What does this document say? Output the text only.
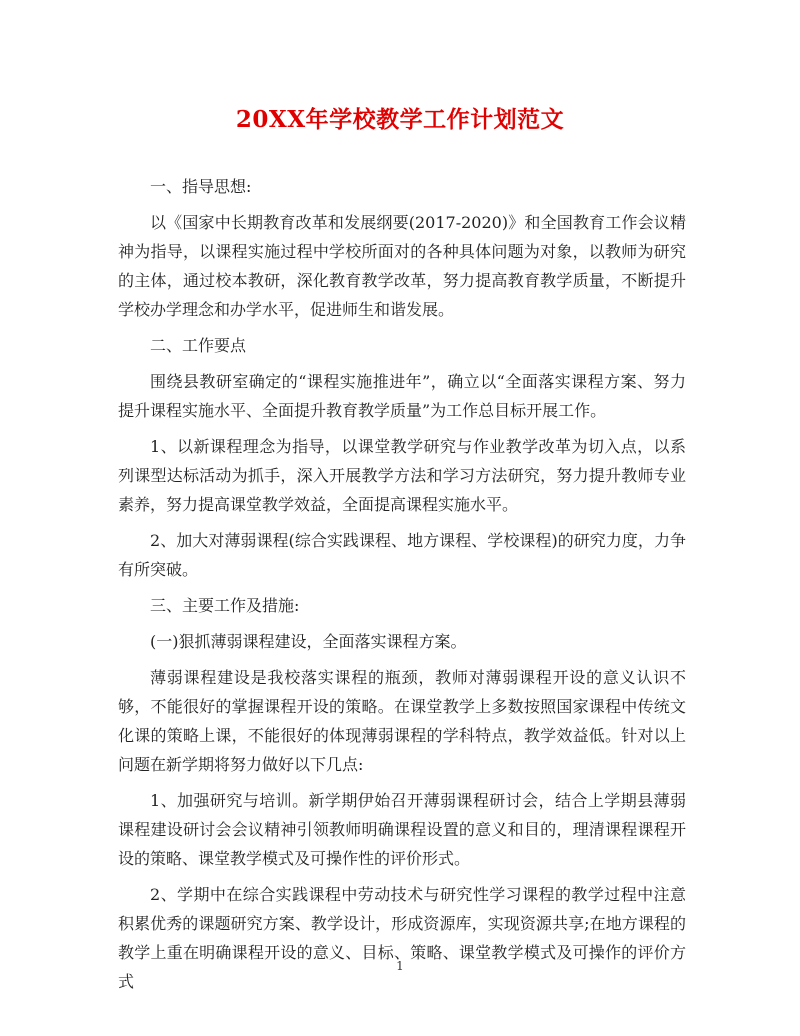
20XX年学校教学工作计划范文

一、指导思想:

以《国家中长期教育改革和发展纲要(2017-2020)》和全国教育工作会议精神为指导，以课程实施过程中学校所面对的各种具体问题为对象，以教师为研究的主体，通过校本教研，深化教育教学改革，努力提高教育教学质量，不断提升学校办学理念和办学水平，促进师生和谐发展。

二、工作要点

围绕县教研室确定的“课程实施推进年”，确立以“全面落实课程方案、努力提升课程实施水平、全面提升教育教学质量”为工作总目标开展工作。

1、以新课程理念为指导，以课堂教学研究与作业教学改革为切入点，以系列课型达标活动为抓手，深入开展教学方法和学习方法研究，努力提升教师专业素养，努力提高课堂教学效益，全面提高课程实施水平。

2、加大对薄弱课程(综合实践课程、地方课程、学校课程)的研究力度，力争有所突破。

三、主要工作及措施:

(一)狠抓薄弱课程建设，全面落实课程方案。

薄弱课程建设是我校落实课程的瓶颈，教师对薄弱课程开设的意义认识不够，不能很好的掌握课程开设的策略。在课堂教学上多数按照国家课程中传统文化课的策略上课，不能很好的体现薄弱课程的学科特点，教学效益低。针对以上问题在新学期将努力做好以下几点:

1、加强研究与培训。新学期伊始召开薄弱课程研讨会，结合上学期县薄弱课程建设研讨会会议精神引领教师明确课程设置的意义和目的，理清课程课程开设的策略、课堂教学模式及可操作性的评价形式。

2、学期中在综合实践课程中劳动技术与研究性学习课程的教学过程中注意积累优秀的课题研究方案、教学设计，形成资源库，实现资源共享;在地方课程的教学上重在明确课程开设的意义、目标、策略、课堂教学模式及可操作的评价方式

1
